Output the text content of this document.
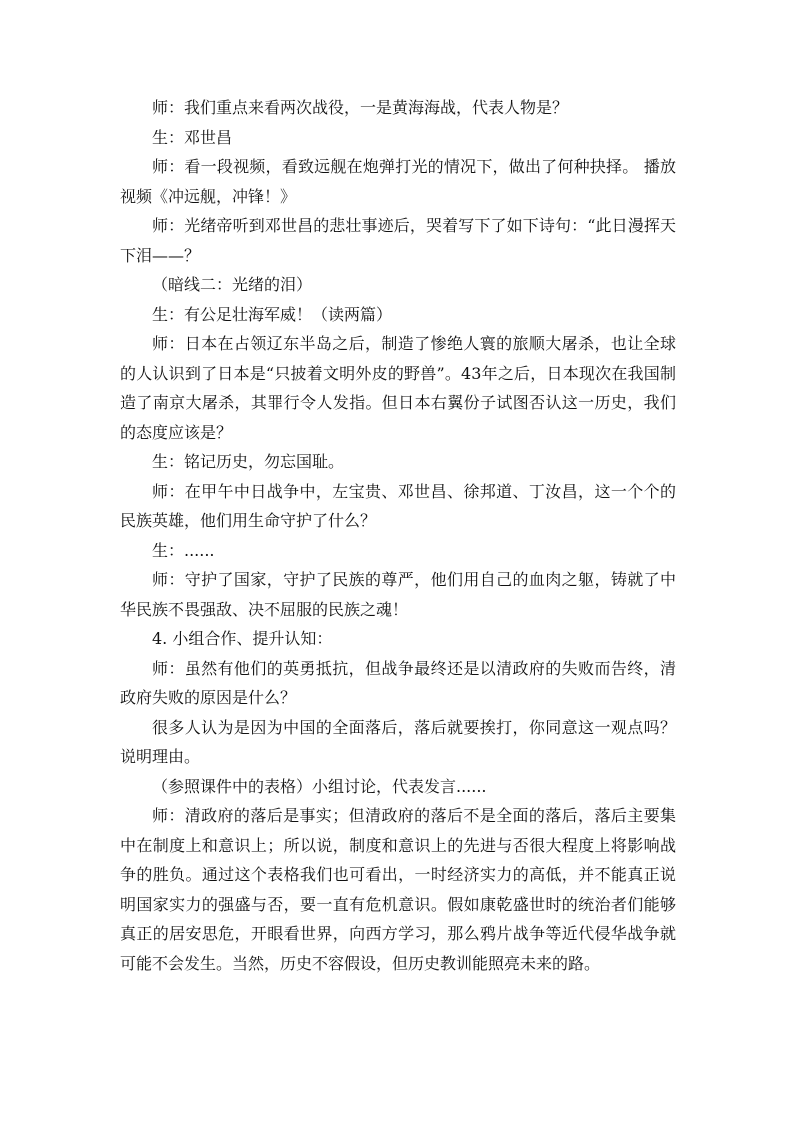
师：我们重点来看两次战役，一是黄海海战，代表人物是？

生：邓世昌

师：看一段视频，看致远舰在炮弹打光的情况下，做出了何种抉择。 播放视频《冲远舰，冲锋！》

师：光绪帝听到邓世昌的悲壮事迹后，哭着写下了如下诗句：“此日漫挥天下泪——？

（暗线二：光绪的泪）

生：有公足壮海军威！（读两篇）

师：日本在占领辽东半岛之后，制造了惨绝人寰的旅顺大屠杀，也让全球的人认识到了日本是“只披着文明外皮的野兽”。43年之后，日本现次在我国制造了南京大屠杀，其罪行令人发指。但日本右翼份子试图否认这一历史，我们的态度应该是？

生：铭记历史，勿忘国耻。

师：在甲午中日战争中，左宝贵、邓世昌、徐邦道、丁汝昌，这一个个的民族英雄，他们用生命守护了什么？

生：......

师：守护了国家，守护了民族的尊严，他们用自己的血肉之躯，铸就了中华民族不畏强敌、决不屈服的民族之魂！

4. 小组合作、提升认知：

师：虽然有他们的英勇抵抗，但战争最终还是以清政府的失败而告终，清政府失败的原因是什么？

很多人认为是因为中国的全面落后，落后就要挨打，你同意这一观点吗？说明理由。

（参照课件中的表格）小组讨论，代表发言......

师：清政府的落后是事实；但清政府的落后不是全面的落后，落后主要集中在制度上和意识上；所以说，制度和意识上的先进与否很大程度上将影响战争的胜负。通过这个表格我们也可看出，一时经济实力的高低，并不能真正说明国家实力的强盛与否，要一直有危机意识。假如康乾盛世时的统治者们能够真正的居安思危，开眼看世界，向西方学习，那么鸦片战争等近代侵华战争就可能不会发生。当然，历史不容假设，但历史教训能照亮未来的路。
